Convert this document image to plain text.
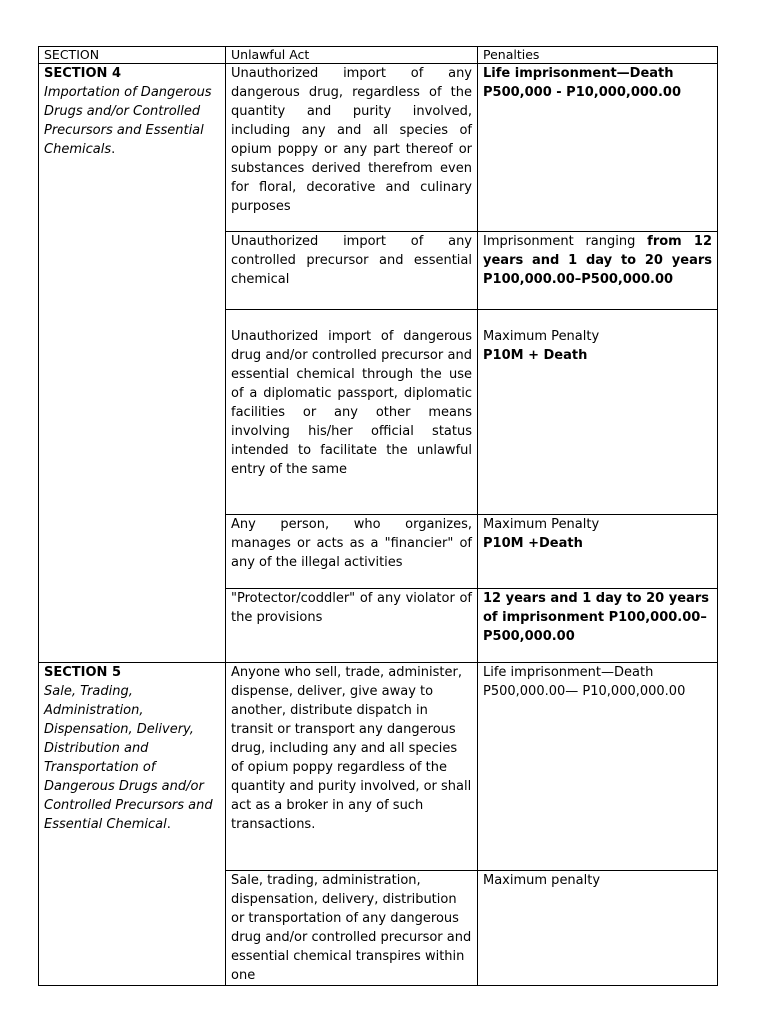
SECTION	Unlawful Act	Penalties

SECTION 4
Importation of Dangerous Drugs and/or Controlled Precursors and Essential Chemicals.	Unauthorized import of any dangerous drug, regardless of the quantity and purity involved, including any and all species of opium poppy or any part thereof or substances derived therefrom even for floral, decorative and culinary purposes	Life imprisonment—Death
P500,000 - P10,000,000.00

	Unauthorized import of any controlled precursor and essential chemical	Imprisonment ranging from 12 years and 1 day to 20 years P100,000.00–P500,000.00
	Unauthorized import of dangerous drug and/or controlled precursor and essential chemical through the use of a diplomatic passport, diplomatic facilities or any other means involving his/her official status intended to facilitate the unlawful entry of the same	Maximum Penalty
P10M + Death

	Any person, who organizes, manages or acts as a "financier" of any of the illegal activities	Maximum Penalty
P10M +Death

	"Protector/coddler" of any violator of the provisions	12 years and 1 day to 20 years of imprisonment P100,000.00–P500,000.00

SECTION 5
Sale, Trading, Administration, Dispensation, Delivery, Distribution and Transportation of Dangerous Drugs and/or Controlled Precursors and Essential Chemical.	Anyone who sell, trade, administer, dispense, deliver, give away to another, distribute dispatch in transit or transport any dangerous drug, including any and all species of opium poppy regardless of the quantity and purity involved, or shall act as a broker in any of such transactions.	Life imprisonment—Death
P500,000.00— P10,000,000.00

	Sale, trading, administration, dispensation, delivery, distribution or transportation of any dangerous drug and/or controlled precursor and essential chemical transpires within one	Maximum penalty
